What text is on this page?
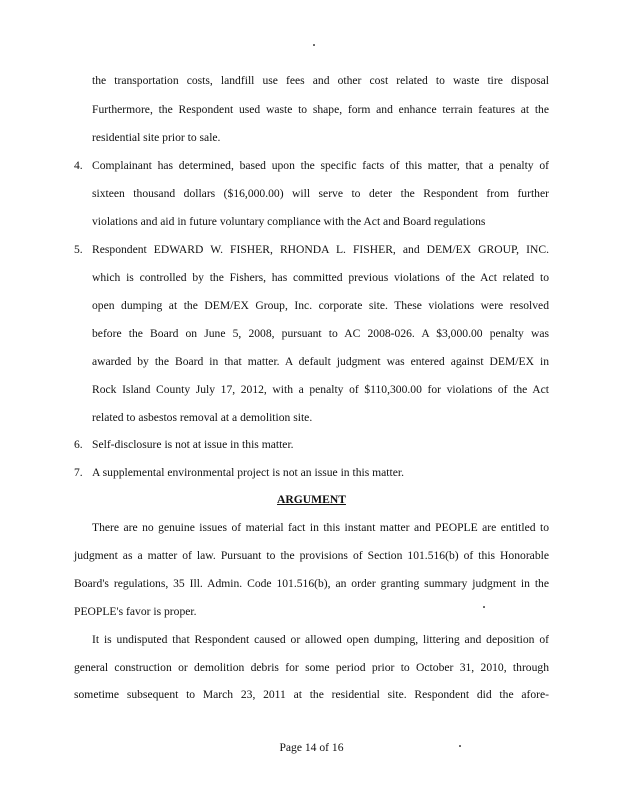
the transportation costs, landfill use fees and other cost related to waste tire disposal
Furthermore, the Respondent used waste to shape, form and enhance terrain features at the
residential site prior to sale.
4. Complainant has determined, based upon the specific facts of this matter, that a penalty of
sixteen thousand dollars ($16,000.00) will serve to deter the Respondent from further
violations and aid in future voluntary compliance with the Act and Board regulations
5. Respondent EDWARD W. FISHER, RHONDA L. FISHER, and DEM/EX GROUP, INC.
which is controlled by the Fishers, has committed previous violations of the Act related to
open dumping at the DEM/EX Group, Inc. corporate site. These violations were resolved
before the Board on June 5, 2008, pursuant to AC 2008-026. A $3,000.00 penalty was
awarded by the Board in that matter. A default judgment was entered against DEM/EX in
Rock Island County July 17, 2012, with a penalty of $110,300.00 for violations of the Act
related to asbestos removal at a demolition site.
6. Self-disclosure is not at issue in this matter.
7. A supplemental environmental project is not an issue in this matter.
ARGUMENT
There are no genuine issues of material fact in this instant matter and PEOPLE are entitled to
judgment as a matter of law. Pursuant to the provisions of Section 101.516(b) of this Honorable
Board's regulations, 35 Ill. Admin. Code 101.516(b), an order granting summary judgment in the
PEOPLE's favor is proper.
It is undisputed that Respondent caused or allowed open dumping, littering and deposition of
general construction or demolition debris for some period prior to October 31, 2010, through
sometime subsequent to March 23, 2011 at the residential site. Respondent did the afore-
Page 14 of 16
